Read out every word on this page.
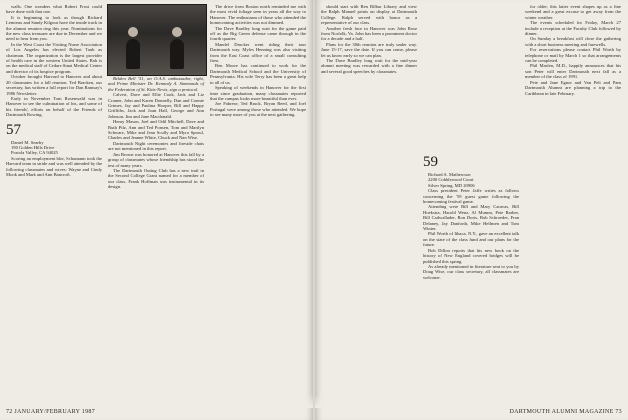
walls. One wonders what Robert Frost could have done with that one.

It is beginning to look as though Richard Lemieux and Sandy Kilgour have the inside track in the alumni reunion ring this year. Nominations for the new class treasurer are due in December and we need to hear from you.

In the West Coast the Visiting Nurse Association of Los Angeles has elected Robert Taub as chairman. The organization is the largest provider of health care in the western United States. Bob is on the medical staff of Cedars-Sinai Medical Center and director of its hospice program.

October brought Harvard to Hanover and about 20 classmates for a fall reunion. Ted Bracken, our secretary, has written a full report for Dan Ramsay's 1986 Newsletter.

Early in November Tom Rosenwald was in Hanover to see the culmination of his, and some of his friends', efforts on behalf of the Friends of Dartmouth Rowing.

57

Daniel M. Searby
190 Golden Hills Drive
Portola Valley, CA 94025

Scoring an employment blot, Schumann took the Harvard team in stride and was well attended by the following classmates and wives: Wayne and Cindy Mook and Mark and Ann Bancroft.

Belden Bell '51, an O.A.S. ambassador, right, and Prime Minister Dr. Kennedy A. Simmonds of the Federation of St. Kitts-Nevis, sign a protocol.

Calvert, Dave and Ellie Cook, Jack and Liz Cramer, John and Karen Donnelly, Dan and Connie Grimes, Jay and Paulina Hooper, Bill and Happy Griffiths, Jack and Joan Hall, George and Ann Johnson, Jim and Jane Macdonald.

Henry Mason, Joel and Odil Mitchell, Dave and Ruth Pilz, Ann and Ted Ponsen, Tom and Marilyn Schwarz, Mike and Jean Scully and Myra Sproul, Charles and Jeanne White, Chuck and Nan Wise.

Dartmouth Night ceremonies and fireside chats are not mentioned in this report.

Jim Brown was honored at Hanover this fall by a group of classmates whose friendship has stood the test of many years.

The Dartmouth Outing Club has a new trail in the Second College Grant named for a member of our class. Frank Hoffman was instrumental in its design.

The drive from Boston north reminded me with the most vivid foliage seen in years all the way to Hanover. The enthusiasm of those who attended the homecoming activities was not dimmed.

The Dave Bradley long wait for the game paid off as the Big Green defense came through in the fourth quarter.

Mandel Drucker went riding their tour Dartmouth way. Myles Henning was also visiting from the East Coast office of a small consulting firm.

Ben Moore has continued to work for the Dartmouth Medical School and the University of Pennsylvania. His wife Terry has been a great help to all of us.

Speaking of weekends in Hanover for the first time since graduation, many classmates reported that the campus looks more beautiful than ever.

Joe Fabrese, Ted Bruck, Bryan Reed, and Joel Portugal were among those who attended. We hope to see many more of you at the next gathering.

72 JANUARY/FEBRUARY 1987

should start with Ben Bilbar Library and view the Ralph Manuel prints on display at Dartmouth College. Ralph served with honor as a representative of our class.

Another fresh face in Hanover was John Rose from Norfolk, Va. John has been a prominent doctor for a decade and a half.

Plans for the 30th reunion are truly under way. June 15-17, save the date. If you can come, please let us know early so we can plan.

The Dave Bradley long wait for the mid-year alumni meeting was rewarded with a fine dinner and several good speeches by classmates.

59

Richard A. Mathewson
2200 Cobblewood Court
Silver Spring, MD 20906

Class president Peter Jaffe writes as follows concerning the '59 guest game following the homecoming festival game.

Attending were Bill and Mary Caravas, Bill Hoekstra, Harold Wenz, Al Mumm, Pete Barber, Bill Cadwallader, Ron Doris, Bob Schroeder, Fran Delaney, Jay Danforth, Mike Hellmen and Tom Winter.

Phil Worth of Ithaca, N.Y., gave an excellent talk on the state of the class fund and our plans for the future.

Bob Dillon reports that his new book on the history of New England covered bridges will be published this spring.

As already mentioned in literature sent to you by Doug Wise, our class secretary, all classmates are welcome.

for older, this latter event shapes up as a fine weekend and a great excuse to get away from the winter weather.

The events scheduled for Friday, March 27 include a reception at the Faculty Club followed by dinner.

On Sunday a breakfast will close the gathering with a short business meeting and farewells.

For reservations please contact Phil Worth by telephone or mail by March 1 so that arrangements can be completed.

Phil Maslen, M.D., happily announces that his son Peter will enter Dartmouth next fall as a member of the class of 1991.

Pete and Jane Egnor and Van Pelt and Pam Dartmouth Alumni are planning a trip to the Caribbean in late February.

DARTMOUTH ALUMNI MAGAZINE 73
